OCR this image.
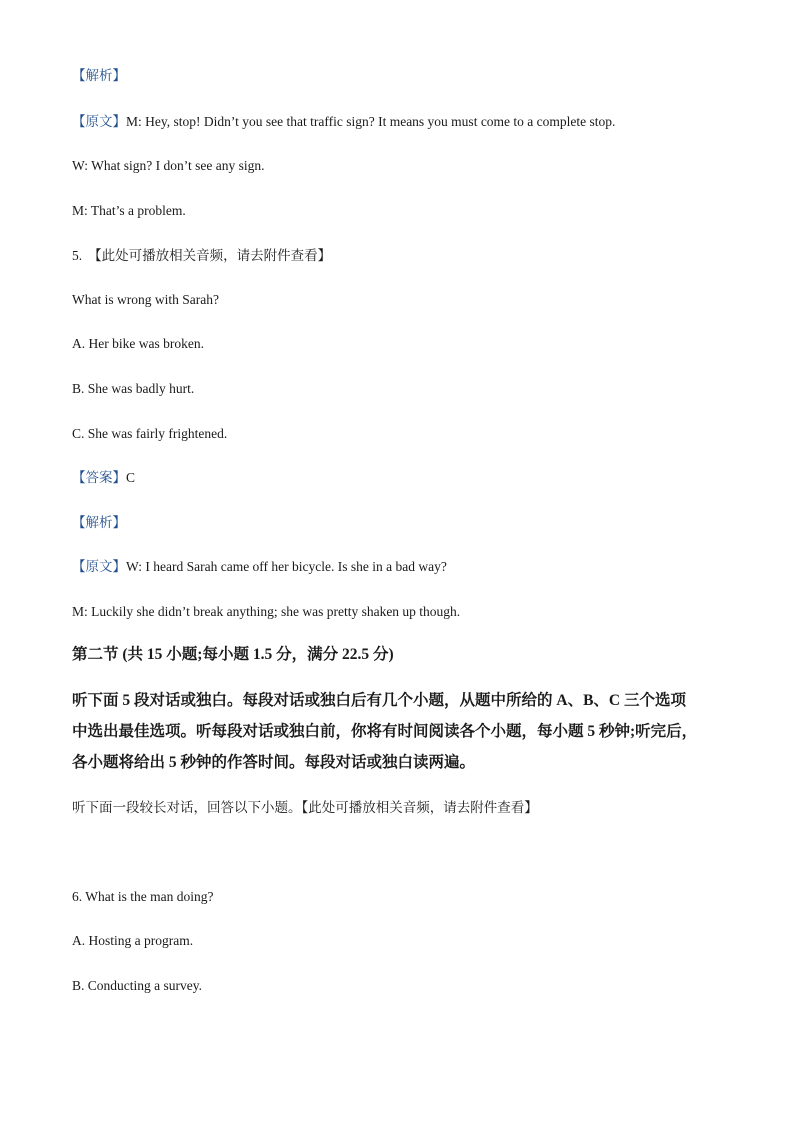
【解析】
【原文】M: Hey, stop! Didn’t you see that traffic sign? It means you must come to a complete stop.
W: What sign? I don’t see any sign.
M: That’s a problem.
5. 【此处可播放相关音频，请去附件查看】
What is wrong with Sarah?
A. Her bike was broken.
B. She was badly hurt.
C. She was fairly frightened.
【答案】C
【解析】
【原文】W: I heard Sarah came off her bicycle. Is she in a bad way?
M: Luckily she didn’t break anything; she was pretty shaken up though.
第二节 (共 15 小题;每小题 1.5 分，满分 22.5 分)
听下面 5 段对话或独白。每段对话或独白后有几个小题，从题中所给的 A、B、C 三个选项
中选出最佳选项。听每段对话或独白前，你将有时间阅读各个小题，每小题 5 秒钟;听完后，
各小题将给出 5 秒钟的作答时间。每段对话或独白读两遍。
听下面一段较长对话，回答以下小题。【此处可播放相关音频，请去附件查看】
6. What is the man doing?
A. Hosting a program.
B. Conducting a survey.
